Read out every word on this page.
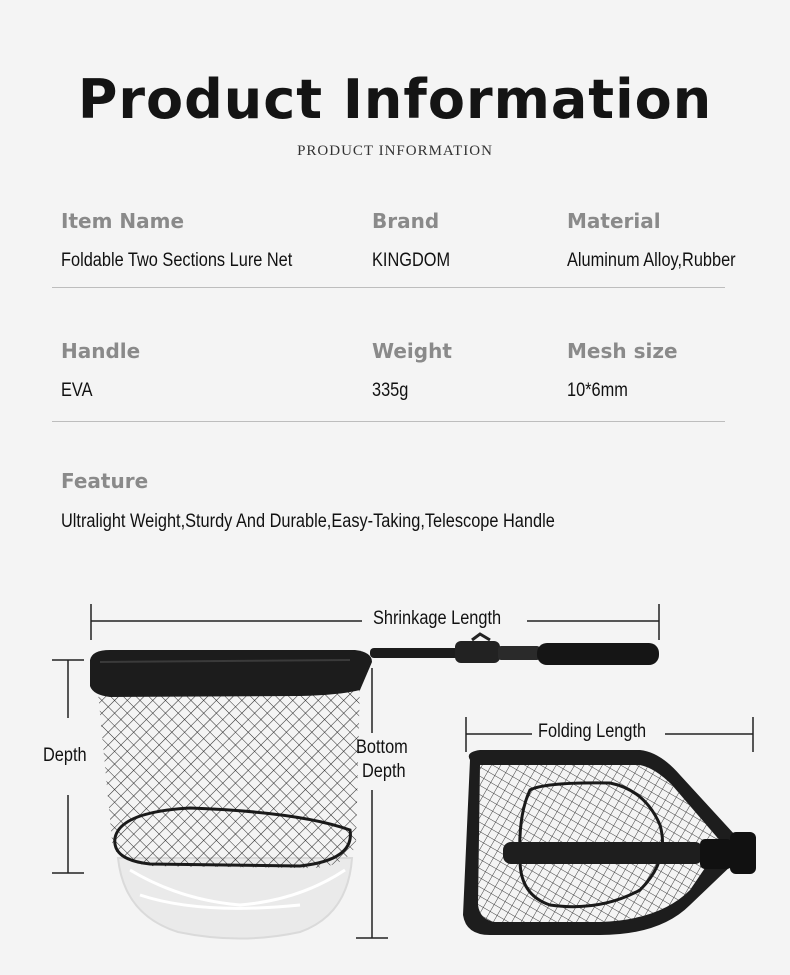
Product Information
PRODUCT INFORMATION
Item Name
Foldable Two Sections Lure Net
Brand
KINGDOM
Material
Aluminum Alloy,Rubber
Handle
EVA
Weight
335g
Mesh size
10*6mm
Feature
Ultralight Weight,Sturdy And Durable,Easy-Taking,Telescope Handle
Shrinkage Length
Depth	Bottom
Depth
Folding Length
